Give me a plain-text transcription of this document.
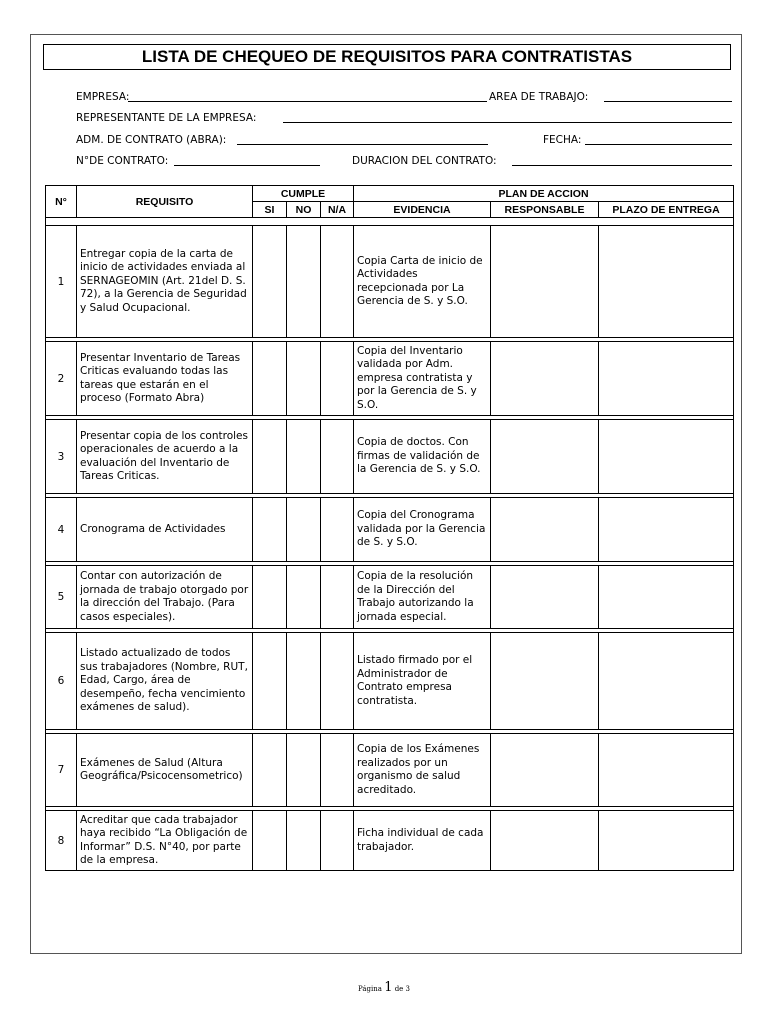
LISTA DE CHEQUEO DE REQUISITOS PARA CONTRATISTAS
EMPRESA:	AREA DE TRABAJO:
REPRESENTANTE DE LA EMPRESA:
ADM. DE CONTRATO (ABRA):	FECHA:
N°DE CONTRATO:	DURACION DEL CONTRATO:
N°	REQUISITO	CUMPLE			PLAN DE ACCION		
		SI	NO	N/A	EVIDENCIA	RESPONSABLE	PLAZO DE ENTREGA

1	Entregar copia de la carta de inicio de actividades enviada al SERNAGEOMIN (Art. 21del D. S. 72), a la Gerencia de Seguridad y Salud Ocupacional.				Copia Carta de inicio de Actividades recepcionada por La Gerencia de S. y S.O.		

2	Presentar Inventario de Tareas Criticas evaluando todas las tareas que estarán en el proceso (Formato Abra)				Copia del Inventario validada por Adm. empresa contratista y por la Gerencia de S. y S.O.		

3	Presentar copia de los controles operacionales de acuerdo a la evaluación del Inventario de Tareas Criticas.				Copia de doctos. Con firmas de validación de la Gerencia de S. y S.O.		

4	Cronograma de Actividades				Copia del Cronograma validada por la Gerencia de S. y S.O.		

5	Contar con autorización de jornada de trabajo otorgado por la dirección del Trabajo. (Para casos especiales).				Copia de la resolución de la Dirección del Trabajo autorizando la jornada especial.		

6	Listado actualizado de todos sus trabajadores (Nombre, RUT, Edad, Cargo, área de desempeño, fecha vencimiento exámenes de salud).				Listado firmado por el Administrador de Contrato empresa contratista.		

7	Exámenes de Salud (Altura Geográfica/Psicocensometrico)				Copia de los Exámenes realizados por un organismo de salud acreditado.		

8	Acreditar que cada trabajador haya recibido “La Obligación de Informar” D.S. N°40, por parte de la empresa.				Ficha individual de cada trabajador.		
Página 1 de 3
